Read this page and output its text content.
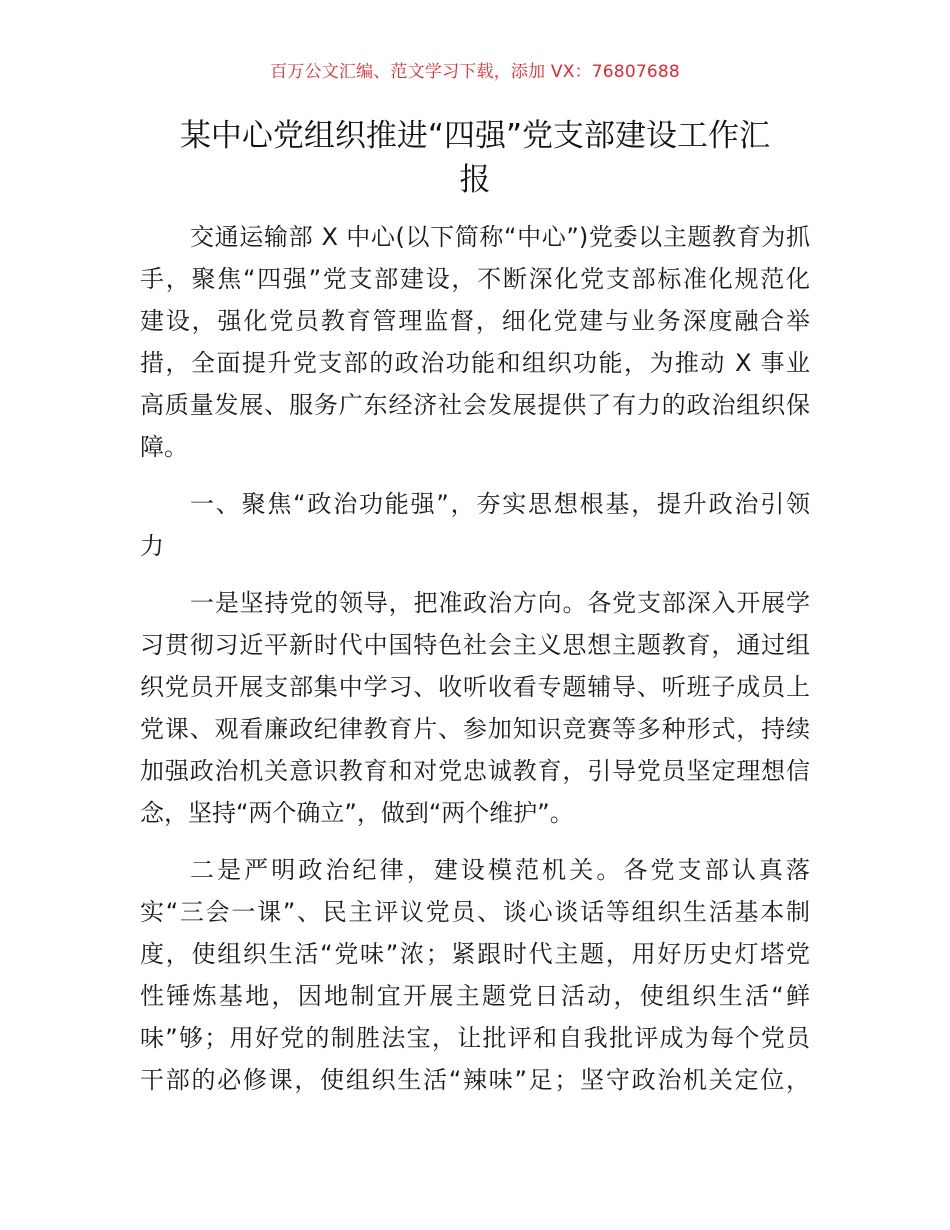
百万公文汇编、范文学习下载，添加 VX：76807688
某中心党组织推进“四强”党支部建设工作汇
报
交通运输部 X 中心(以下简称“中心”)党委以主题教育为抓
手，聚焦“四强”党支部建设，不断深化党支部标准化规范化
建设，强化党员教育管理监督，细化党建与业务深度融合举
措，全面提升党支部的政治功能和组织功能，为推动 X 事业
高质量发展、服务广东经济社会发展提供了有力的政治组织保
障。
一、聚焦“政治功能强”，夯实思想根基，提升政治引领
力
一是坚持党的领导，把准政治方向。各党支部深入开展学
习贯彻习近平新时代中国特色社会主义思想主题教育，通过组
织党员开展支部集中学习、收听收看专题辅导、听班子成员上
党课、观看廉政纪律教育片、参加知识竞赛等多种形式，持续
加强政治机关意识教育和对党忠诚教育，引导党员坚定理想信
念，坚持“两个确立”，做到“两个维护”。
二是严明政治纪律，建设模范机关。各党支部认真落
实“三会一课”、民主评议党员、谈心谈话等组织生活基本制
度，使组织生活“党味”浓；紧跟时代主题，用好历史灯塔党
性锤炼基地，因地制宜开展主题党日活动，使组织生活“鲜
味”够；用好党的制胜法宝，让批评和自我批评成为每个党员
干部的必修课，使组织生活“辣味”足；坚守政治机关定位，
